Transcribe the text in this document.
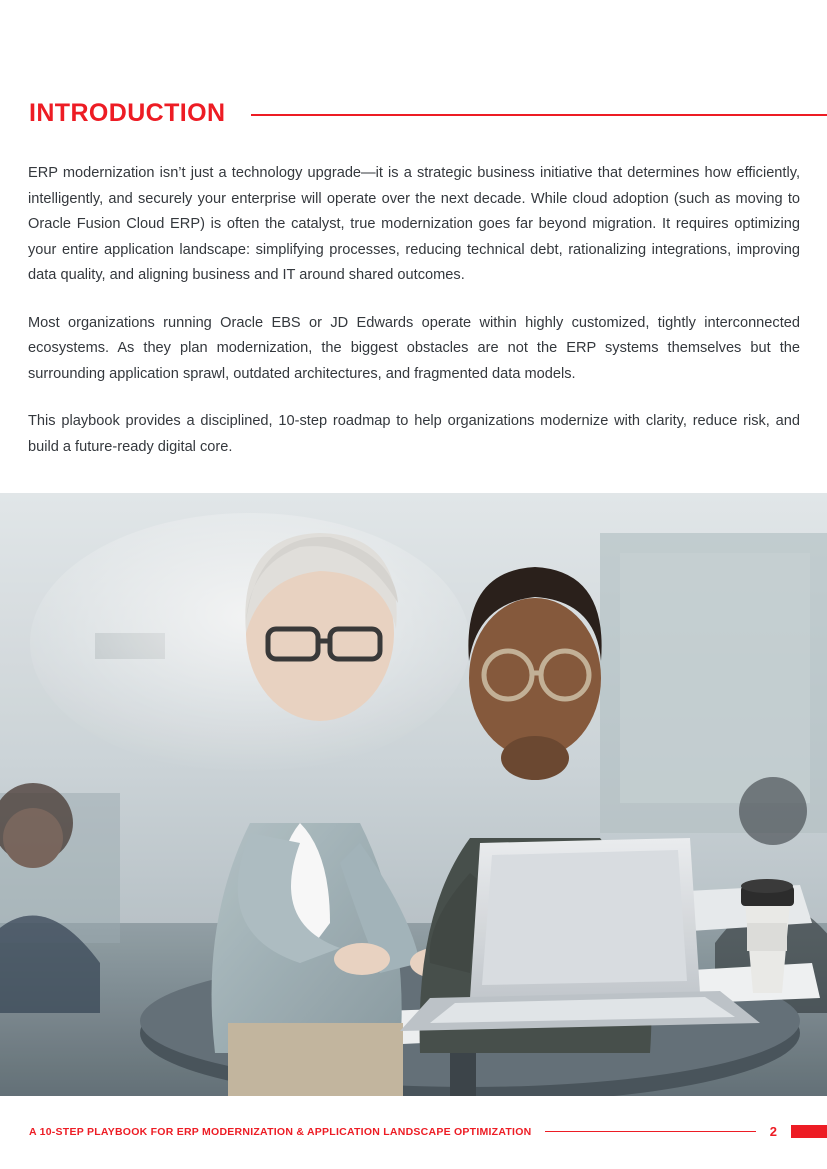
INTRODUCTION

ERP modernization isn’t just a technology upgrade—it is a strategic business initiative that determines how efficiently, intelligently, and securely your enterprise will operate over the next decade. While cloud adoption (such as moving to Oracle Fusion Cloud ERP) is often the catalyst, true modernization goes far beyond migration. It requires optimizing your entire application landscape: simplifying processes, reducing technical debt, rationalizing integrations, improving data quality, and aligning business and IT around shared outcomes.

Most organizations running Oracle EBS or JD Edwards operate within highly customized, tightly interconnected ecosystems. As they plan modernization, the biggest obstacles are not the ERP systems themselves but the surrounding application sprawl, outdated architectures, and fragmented data models.

This playbook provides a disciplined, 10-step roadmap to help organizations modernize with clarity, reduce risk, and build a future-ready digital core.

A 10-STEP PLAYBOOK FOR ERP MODERNIZATION & APPLICATION LANDSCAPE OPTIMIZATION	2
